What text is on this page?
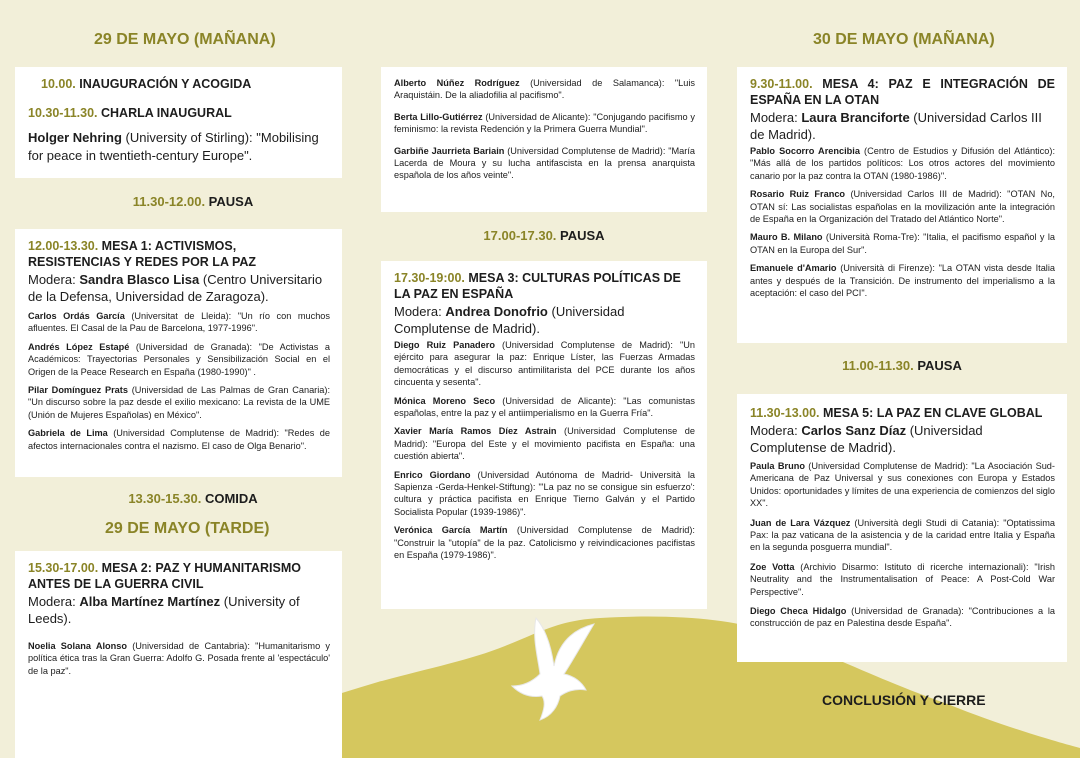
29 DE MAYO (MAÑANA)
10.00. INAUGURACIÓN Y ACOGIDA
10.30-11.30. CHARLA INAUGURAL
Holger Nehring (University of Stirling): "Mobilising for peace in twentieth-century Europe".
11.30-12.00. PAUSA
12.00-13.30. MESA 1: ACTIVISMOS, RESISTENCIAS Y REDES POR LA PAZ
Modera: Sandra Blasco Lisa (Centro Universitario de la Defensa, Universidad de Zaragoza).
Carlos Ordás García (Universitat de Lleida): "Un río con muchos afluentes. El Casal de la Pau de Barcelona, 1977-1996".
Andrés López Estapé (Universidad de Granada): "De Activistas a Académicos: Trayectorias Personales y Sensibilización Social en el Origen de la Peace Research en España (1980-1990)" .
Pilar Domínguez Prats (Universidad de Las Palmas de Gran Canaria): "Un discurso sobre la paz desde el exilio mexicano: La revista de la UME (Unión de Mujeres Españolas) en México".
Gabriela de Lima (Universidad Complutense de Madrid): "Redes de afectos internacionales contra el nazismo. El caso de Olga Benario".
13.30-15.30. COMIDA
29 DE MAYO (TARDE)
15.30-17.00. MESA 2: PAZ Y HUMANITARISMO ANTES DE LA GUERRA CIVIL
Modera: Alba Martínez Martínez (University of Leeds).
Noelia Solana Alonso (Universidad de Cantabria): "Humanitarismo y política ética tras la Gran Guerra: Adolfo G. Posada frente al 'espectáculo' de la paz".
Alberto Núñez Rodríguez (Universidad de Salamanca): "Luis Araquistáin. De la aliadofilia al pacifismo".
Berta Lillo-Gutiérrez (Universidad de Alicante): "Conjugando pacifismo y feminismo: la revista Redención y la Primera Guerra Mundial".
Garbiñe Jaurrieta Bariain (Universidad Complutense de Madrid): "María Lacerda de Moura y su lucha antifascista en la prensa anarquista española de los años veinte".
17.00-17.30. PAUSA
17.30-19:00. MESA 3: CULTURAS POLÍTICAS DE LA PAZ EN ESPAÑA
Modera: Andrea Donofrio (Universidad Complutense de Madrid).
Diego Ruiz Panadero (Universidad Complutense de Madrid): "Un ejército para asegurar la paz: Enrique Líster, las Fuerzas Armadas democráticas y el discurso antimilitarista del PCE durante los años cincuenta y sesenta".
Mónica Moreno Seco (Universidad de Alicante): "Las comunistas españolas, entre la paz y el antiimperialismo en la Guerra Fría".
Xavier María Ramos Díez Astrain (Universidad Complutense de Madrid): "Europa del Este y el movimiento pacifista en España: una cuestión abierta".
Enrico Giordano (Universidad Autónoma de Madrid- Università la Sapienza -Gerda-Henkel-Stiftung): "'La paz no se consigue sin esfuerzo': cultura y práctica pacifista en Enrique Tierno Galván y el Partido Socialista Popular (1939-1986)".
Verónica García Martín (Universidad Complutense de Madrid): "Construir la "utopía" de la paz. Catolicismo y reivindicaciones pacifistas en España (1979-1986)".
30 DE MAYO (MAÑANA)
9.30-11.00. MESA 4: PAZ E INTEGRACIÓN DE ESPAÑA EN LA OTAN
Modera: Laura Branciforte (Universidad Carlos III de Madrid).
Pablo Socorro Arencibia (Centro de Estudios y Difusión del Atlántico): "Más allá de los partidos políticos: Los otros actores del movimiento canario por la paz contra la OTAN (1980-1986)".
Rosario Ruiz Franco (Universidad Carlos III de Madrid): "OTAN No, OTAN sí: Las socialistas españolas en la movilización ante la integración de España en la Organización del Tratado del Atlántico Norte".
Mauro B. Milano (Università Roma-Tre): "Italia, el pacifismo español y la OTAN en la Europa del Sur".
Emanuele d'Amario (Università di Firenze): "La OTAN vista desde Italia antes y después de la Transición. De instrumento del imperialismo a la aceptación: el caso del PCI".
11.00-11.30. PAUSA
11.30-13.00. MESA 5: LA PAZ EN CLAVE GLOBAL
Modera: Carlos Sanz Díaz (Universidad Complutense de Madrid).
Paula Bruno (Universidad Complutense de Madrid): "La Asociación Sud-Americana de Paz Universal y sus conexiones con Europa y Estados Unidos: oportunidades y límites de una experiencia de comienzos del siglo XX".
Juan de Lara Vázquez (Università degli Studi di Catania): "Optatissima Pax: la paz vaticana de la asistencia y de la caridad entre Italia y España en la segunda posguerra mundial".
Zoe Votta (Archivio Disarmo: Istituto di ricerche internazionali): "Irish Neutrality and the Instrumentalisation of Peace: A Post-Cold War Perspective".
Diego Checa Hidalgo (Universidad de Granada): "Contribuciones a la construcción de paz en Palestina desde España".
CONCLUSIÓN Y CIERRE
